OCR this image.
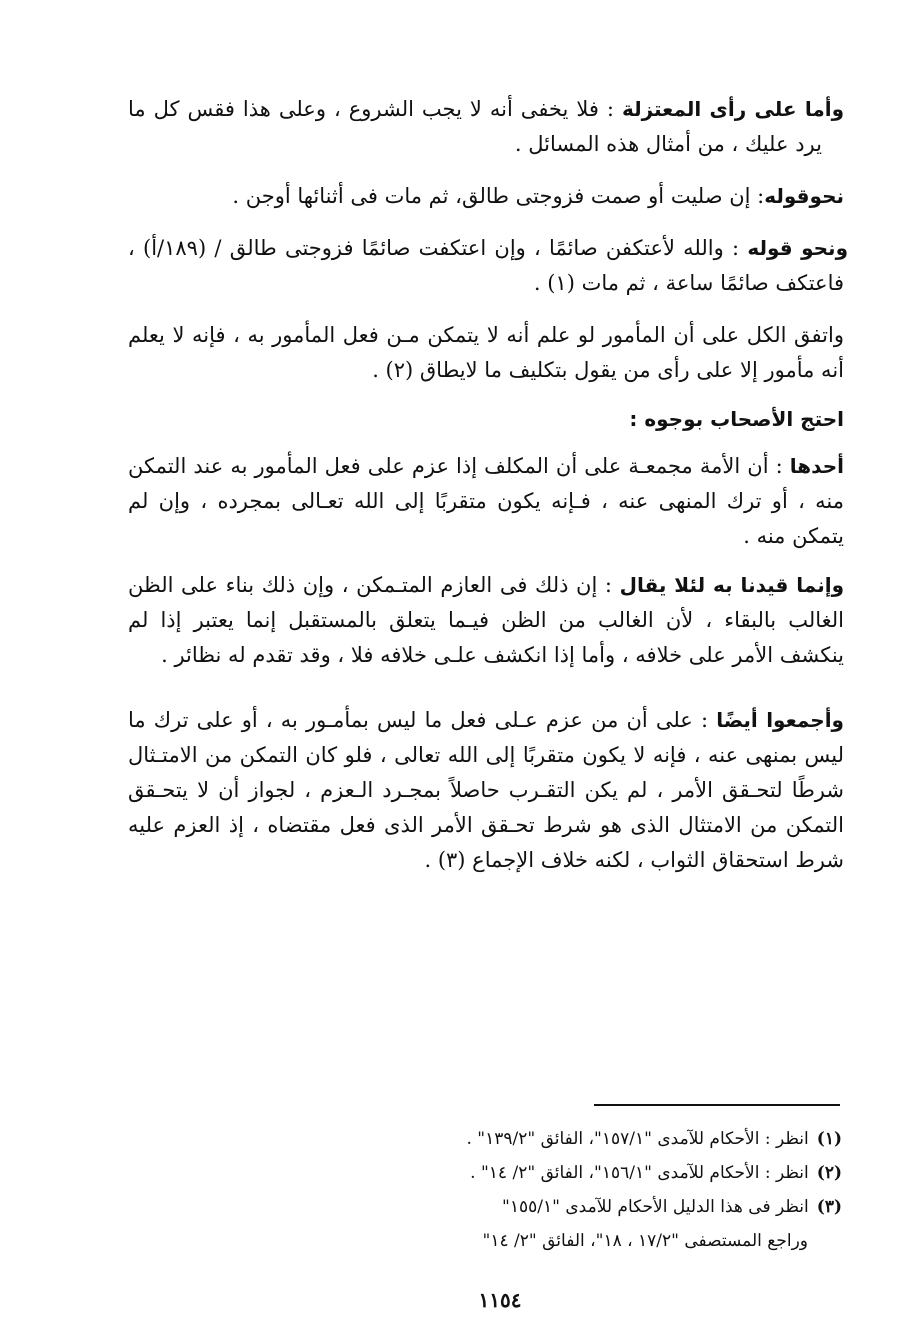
وأما على رأى المعتزلة : فلا يخفى أنه لا يجب الشروع ، وعلى هذا فقس كل ما يرد عليك ، من أمثال هذه المسائل .

نحوقوله: إن صليت أو صمت فزوجتى طالق، ثم مات فى أثنائها أوجن .

ونحو قوله : والله لأعتكفن صائمًا ، وإن اعتكفت صائمًا فزوجتى طالق / (١٨٩/أ) ، فاعتكف صائمًا ساعة ، ثم مات (١) .

واتفق الكل على أن المأمور لو علم أنه لا يتمكن مـن فعل المأمور به ، فإنه لا يعلم أنه مأمور إلا على رأى من يقول بتكليف ما لايطاق (٢) .

احتج الأصحاب بوجوه :

أحدها : أن الأمة مجمعـة على أن المكلف إذا عزم على فعل المأمور به عند التمكن منه ، أو ترك المنهى عنه ، فـإنه يكون متقربًا إلى الله تعـالى بمجرده ، وإن لم يتمكن منه .

وإنما قيدنا به لئلا يقال : إن ذلك فى العازم المتـمكن ، وإن ذلك بناء على الظن الغالب بالبقاء ، لأن الغالب من الظن فيـما يتعلق بالمستقبل إنما يعتبر إذا لم ينكشف الأمر على خلافه ، وأما إذا انكشف علـى خلافه فلا ، وقد تقدم له نظائر .

وأجمعوا أيضًا : على أن من عزم عـلى فعل ما ليس بمأمـور به ، أو على ترك ما ليس بمنهى عنه ، فإنه لا يكون متقربًا إلى الله تعالى ، فلو كان التمكن من الامتـثال شرطًا لتحـقق الأمر ، لم يكن التقـرب حاصلاً بمجـرد الـعزم ، لجواز أن لا يتحـقق التمكن من الامتثال الذى هو شرط تحـقق الأمر الذى فعل مقتضاه ، إذ العزم عليه شرط استحقاق الثواب ، لكنه خلاف الإجماع (٣) .

(١)انظر : الأحكام للآمدى "١٥٧/١"، الفائق "١٣٩/٢" .
(٢)انظر : الأحكام للآمدى "١٥٦/١"، الفائق "٢/ ١٤" .
(٣)انظر فى هذا الدليل الأحكام للآمدى "١٥٥/١"
وراجع المستصفى "١٧/٢ ، ١٨"، الفائق "٢/ ١٤"
١١٥٤
